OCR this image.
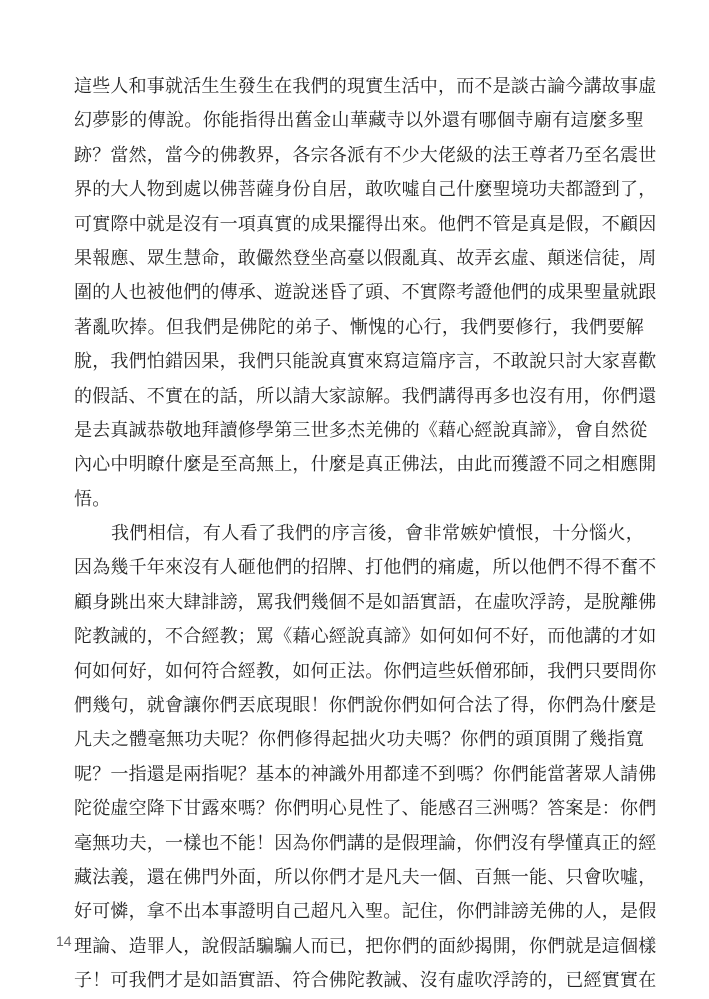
這些人和事就活生生發生在我們的現實生活中，而不是談古論今講故事虛
幻夢影的傳說。你能指得出舊金山華藏寺以外還有哪個寺廟有這麼多聖
跡？當然，當今的佛教界，各宗各派有不少大佬級的法王尊者乃至名震世
界的大人物到處以佛菩薩身份自居，敢吹噓自己什麼聖境功夫都證到了，
可實際中就是沒有一項真實的成果擺得出來。他們不管是真是假，不顧因
果報應、眾生慧命，敢儼然登坐高臺以假亂真、故弄玄虛、顛迷信徒，周
圍的人也被他們的傳承、遊說迷昏了頭、不實際考證他們的成果聖量就跟
著亂吹捧。但我們是佛陀的弟子、慚愧的心行，我們要修行，我們要解
脫，我們怕錯因果，我們只能說真實來寫這篇序言，不敢說只討大家喜歡
的假話、不實在的話，所以請大家諒解。我們講得再多也沒有用，你們還
是去真誠恭敬地拜讀修學第三世多杰羌佛的《藉心經說真諦》，會自然從
內心中明瞭什麼是至高無上，什麼是真正佛法，由此而獲證不同之相應開
悟。
我們相信，有人看了我們的序言後，會非常嫉妒憤恨，十分惱火，
因為幾千年來沒有人砸他們的招牌、打他們的痛處，所以他們不得不奮不
顧身跳出來大肆誹謗，罵我們幾個不是如語實語，在虛吹浮誇，是脫離佛
陀教誡的，不合經教；罵《藉心經說真諦》如何如何不好，而他講的才如
何如何好，如何符合經教，如何正法。你們這些妖僧邪師，我們只要問你
們幾句，就會讓你們丟底現眼！你們說你們如何合法了得，你們為什麼是
凡夫之體毫無功夫呢？你們修得起拙火功夫嗎？你們的頭頂開了幾指寬
呢？一指還是兩指呢？基本的神識外用都達不到嗎？你們能當著眾人請佛
陀從虛空降下甘露來嗎？你們明心見性了、能感召三洲嗎？答案是：你們
毫無功夫，一樣也不能！因為你們講的是假理論，你們沒有學懂真正的經
藏法義，還在佛門外面，所以你們才是凡夫一個、百無一能、只會吹噓，
好可憐，拿不出本事證明自己超凡入聖。記住，你們誹謗羌佛的人，是假
理論、造罪人，說假話騙騙人而已，把你們的面紗揭開，你們就是這個樣
子！可我們才是如語實語、符合佛陀教誡、沒有虛吹浮誇的，已經實實在
14
